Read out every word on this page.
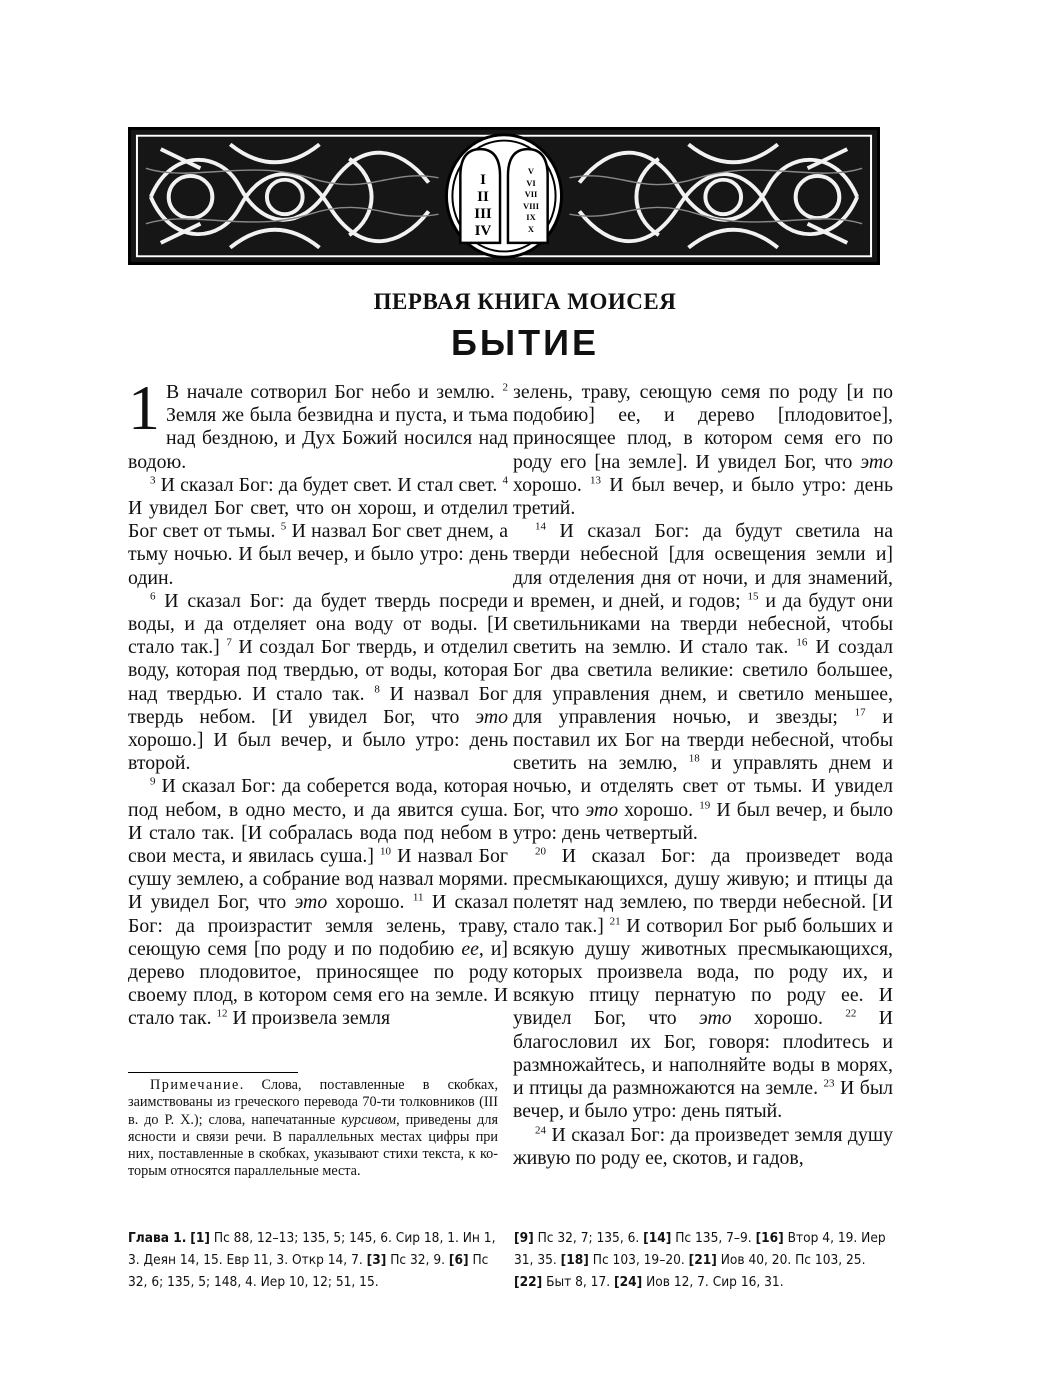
I
II
III
IV
V
VI
VII
VIII
IX
X
ПЕРВАЯ КНИГА МОИСЕЯ
БЫТИЕ

1 В начале сотворил Бог небо и землю. $^2$ Земля же была безвидна и пуста, и тьма над бездною, и Дух Божий носился над водою.

$^3$ И сказал Бог: да будет свет. И стал свет. $^4$ И увидел Бог свет, что он хорош, и отделил Бог свет от тьмы. $^5$ И назвал Бог свет днем, а тьму ночью. И был вечер, и было утро: день один.

$^6$ И сказал Бог: да будет твердь посреди воды, и да отделяет она воду от воды. [И стало так.] $^7$ И создал Бог твердь, и отделил воду, которая под твердью, от воды, которая над твердью. И стало так. $^8$ И назвал Бог твердь небом. [И увидел Бог, что это хорошо.] И был вечер, и было утро: день второй.

$^9$ И сказал Бог: да соберется вода, которая под небом, в одно место, и да явится суша. И стало так. [И собралась вода под небом в свои места, и явилась суша.] $^{10}$ И назвал Бог сушу землею, а собрание вод назвал морями. И увидел Бог, что это хорошо. $^{11}$ И сказал Бог: да произрастит земля зелень, траву, сеющую семя [по роду и по подобию ее, и] дерево плодовитое, приносящее по роду своему плод, в котором семя его на земле. И стало так. $^{12}$ И произвела земля

зелень, траву, сеющую семя по роду [и по подобию] ее, и дерево [плодовитое], приносящее плод, в котором семя его по роду его [на земле]. И увидел Бог, что это хорошо. $^{13}$ И был вечер, и было утро: день третий.

$^{14}$ И сказал Бог: да будут светила на тверди небесной [для освещения земли и] для отделения дня от ночи, и для знамений, и времен, и дней, и годов; $^{15}$ и да будут они светильниками на тверди небесной, чтобы светить на землю. И стало так. $^{16}$ И создал Бог два светила великие: светило большее, для управления днем, и светило меньшее, для управления ночью, и звезды; $^{17}$ и поставил их Бог на тверди небесной, чтобы светить на землю, $^{18}$ и управлять днем и ночью, и отделять свет от тьмы. И увидел Бог, что это хорошо. $^{19}$ И был вечер, и было утро: день четвертый.

$^{20}$ И сказал Бог: да произведет вода пресмыкающихся, душу живую; и птицы да полетят над землею, по тверди небесной. [И стало так.] $^{21}$ И сотворил Бог рыб больших и всякую душу животных пресмыкающихся, которых произвела вода, по роду их, и всякую птицу пернатую по роду ее. И увидел Бог, что это хорошо. $^{22}$ И благословил их Бог, говоря: плоdитесь и размножайтесь, и наполняйте воды в морях, и птицы да размножаются на земле. $^{23}$ И был вечер, и было утро: день пятый.

$^{24}$ И сказал Бог: да произведет земля душу живую по роду ее, скотов, и гадов,

Примечание. Слова, поставленные в скобках, заимствованы из греческого перевода 70-ти толковников (III в. до Р. Х.); слова, напечатанные курсивом, приведены для ясности и связи речи. В параллельных местах цифры при них, поставленные в скобках, указывают стихи текста, к которым относятся параллельные места.

Глава 1. [1] Пс 88, 12–13; 135, 5; 145, 6. Сир 18, 1. Ин 1, 3. Деян 14, 15. Евр 11, 3. Откр 14, 7. [3] Пс 32, 9. [6] Пс 32, 6; 135, 5; 148, 4. Иер 10, 12; 51, 15.
[9] Пс 32, 7; 135, 6. [14] Пс 135, 7–9. [16] Втор 4, 19. Иер 31, 35. [18] Пс 103, 19–20. [21] Иов 40, 20. Пс 103, 25. [22] Быт 8, 17. [24] Иов 12, 7. Сир 16, 31.
